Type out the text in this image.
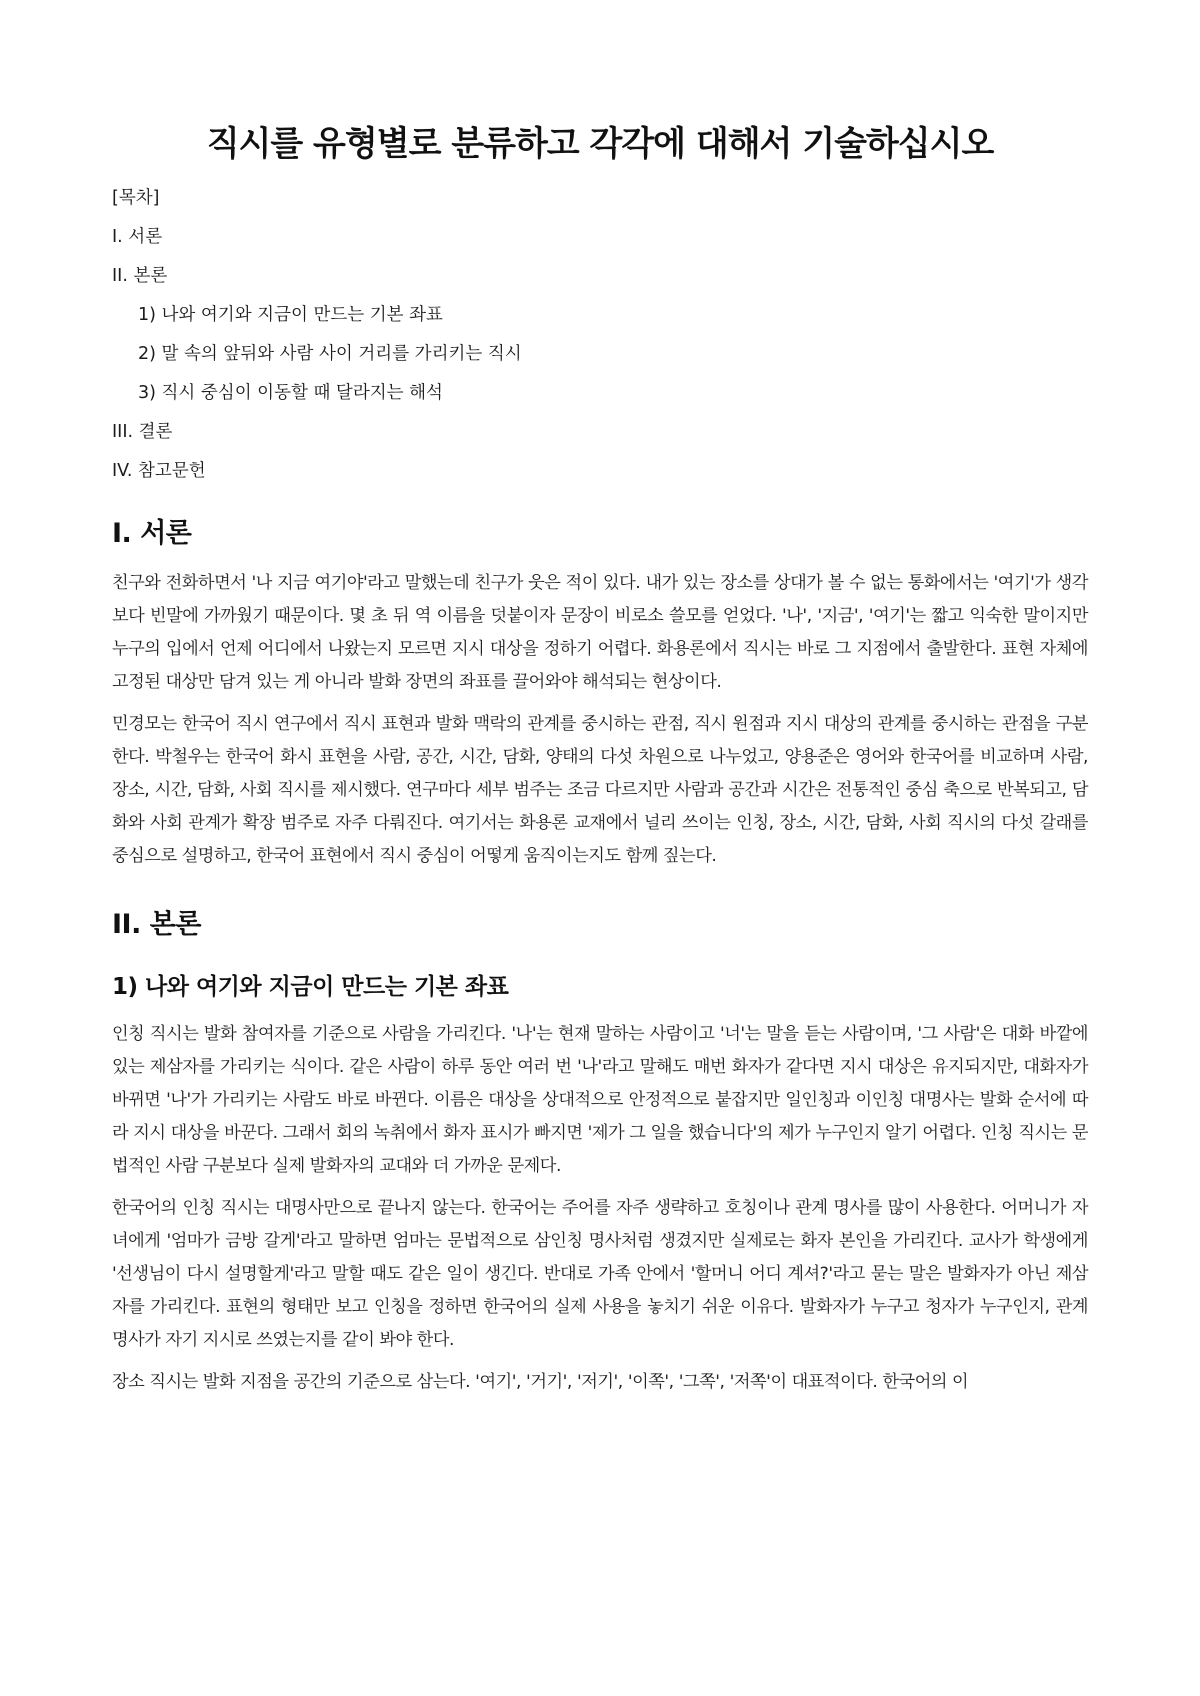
직시를 유형별로 분류하고 각각에 대해서 기술하십시오
[목차]
I. 서론
II. 본론
1) 나와 여기와 지금이 만드는 기본 좌표
2) 말 속의 앞뒤와 사람 사이 거리를 가리키는 직시
3) 직시 중심이 이동할 때 달라지는 해석
III. 결론
IV. 참고문헌
I. 서론

친구와 전화하면서 '나 지금 여기야'라고 말했는데 친구가 웃은 적이 있다. 내가 있는 장소를 상대가 볼 수 없는 통화에서는 '여기'가 생각보다 빈말에 가까웠기 때문이다. 몇 초 뒤 역 이름을 덧붙이자 문장이 비로소 쓸모를 얻었다. '나', '지금', '여기'는 짧고 익숙한 말이지만 누구의 입에서 언제 어디에서 나왔는지 모르면 지시 대상을 정하기 어렵다. 화용론에서 직시는 바로 그 지점에서 출발한다. 표현 자체에 고정된 대상만 담겨 있는 게 아니라 발화 장면의 좌표를 끌어와야 해석되는 현상이다.

민경모는 한국어 직시 연구에서 직시 표현과 발화 맥락의 관계를 중시하는 관점, 직시 원점과 지시 대상의 관계를 중시하는 관점을 구분한다. 박철우는 한국어 화시 표현을 사람, 공간, 시간, 담화, 양태의 다섯 차원으로 나누었고, 양용준은 영어와 한국어를 비교하며 사람, 장소, 시간, 담화, 사회 직시를 제시했다. 연구마다 세부 범주는 조금 다르지만 사람과 공간과 시간은 전통적인 중심 축으로 반복되고, 담화와 사회 관계가 확장 범주로 자주 다뤄진다. 여기서는 화용론 교재에서 널리 쓰이는 인칭, 장소, 시간, 담화, 사회 직시의 다섯 갈래를 중심으로 설명하고, 한국어 표현에서 직시 중심이 어떻게 움직이는지도 함께 짚는다.

II. 본론
1) 나와 여기와 지금이 만드는 기본 좌표

인칭 직시는 발화 참여자를 기준으로 사람을 가리킨다. '나'는 현재 말하는 사람이고 '너'는 말을 듣는 사람이며, '그 사람'은 대화 바깥에 있는 제삼자를 가리키는 식이다. 같은 사람이 하루 동안 여러 번 '나'라고 말해도 매번 화자가 같다면 지시 대상은 유지되지만, 대화자가 바뀌면 '나'가 가리키는 사람도 바로 바뀐다. 이름은 대상을 상대적으로 안정적으로 붙잡지만 일인칭과 이인칭 대명사는 발화 순서에 따라 지시 대상을 바꾼다. 그래서 회의 녹취에서 화자 표시가 빠지면 '제가 그 일을 했습니다'의 제가 누구인지 알기 어렵다. 인칭 직시는 문법적인 사람 구분보다 실제 발화자의 교대와 더 가까운 문제다.

한국어의 인칭 직시는 대명사만으로 끝나지 않는다. 한국어는 주어를 자주 생략하고 호칭이나 관계 명사를 많이 사용한다. 어머니가 자녀에게 '엄마가 금방 갈게'라고 말하면 엄마는 문법적으로 삼인칭 명사처럼 생겼지만 실제로는 화자 본인을 가리킨다. 교사가 학생에게 '선생님이 다시 설명할게'라고 말할 때도 같은 일이 생긴다. 반대로 가족 안에서 '할머니 어디 계셔?'라고 묻는 말은 발화자가 아닌 제삼자를 가리킨다. 표현의 형태만 보고 인칭을 정하면 한국어의 실제 사용을 놓치기 쉬운 이유다. 발화자가 누구고 청자가 누구인지, 관계 명사가 자기 지시로 쓰였는지를 같이 봐야 한다.

장소 직시는 발화 지점을 공간의 기준으로 삼는다. '여기', '거기', '저기', '이쪽', '그쪽', '저쪽'이 대표적이다. 한국어의 이
